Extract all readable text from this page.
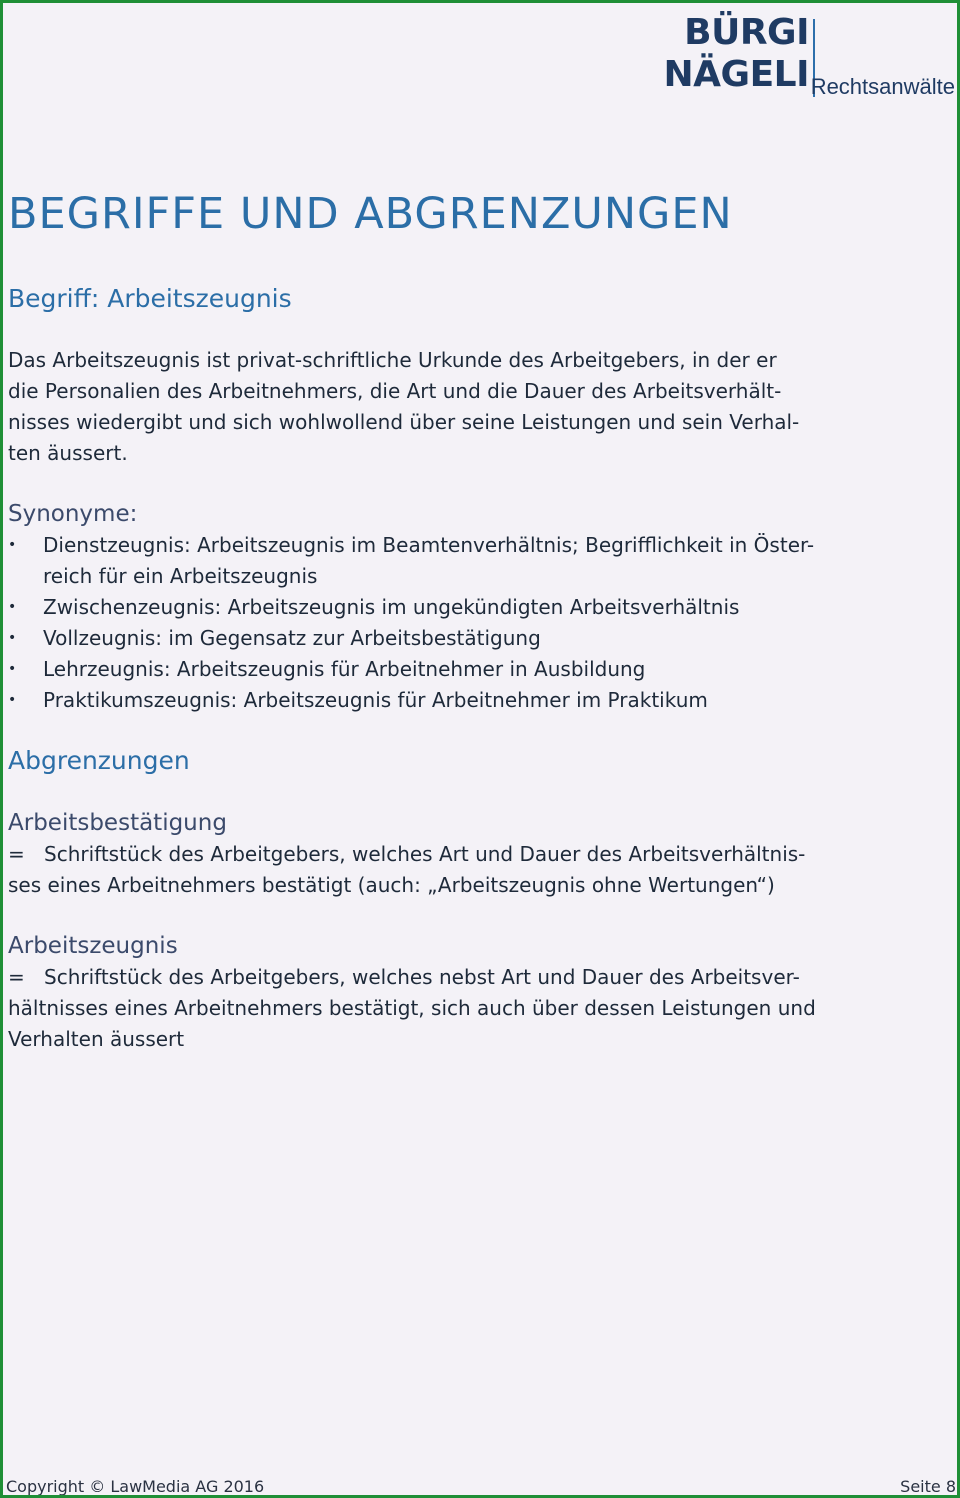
BÜRGI
NÄGELI Rechtsanwälte
BEGRIFFE UND ABGRENZUNGEN
Begriff: Arbeitszeugnis
Das Arbeitszeugnis ist privat-schriftliche Urkunde des Arbeitgebers, in der er
die Personalien des Arbeitnehmers, die Art und die Dauer des Arbeitsverhält-
nisses wiedergibt und sich wohlwollend über seine Leistungen und sein Verhal-
ten äussert.
Synonyme:
• Dienstzeugnis: Arbeitszeugnis im Beamtenverhältnis; Begrifflichkeit in Öster-
reich für ein Arbeitszeugnis
• Zwischenzeugnis: Arbeitszeugnis im ungekündigten Arbeitsverhältnis
• Vollzeugnis: im Gegensatz zur Arbeitsbestätigung
• Lehrzeugnis: Arbeitszeugnis für Arbeitnehmer in Ausbildung
• Praktikumszeugnis: Arbeitszeugnis für Arbeitnehmer im Praktikum
Abgrenzungen
Arbeitsbestätigung
= Schriftstück des Arbeitgebers, welches Art und Dauer des Arbeitsverhältnis-
ses eines Arbeitnehmers bestätigt (auch: „Arbeitszeugnis ohne Wertungen“)
Arbeitszeugnis
= Schriftstück des Arbeitgebers, welches nebst Art und Dauer des Arbeitsver-
hältnisses eines Arbeitnehmers bestätigt, sich auch über dessen Leistungen und
Verhalten äussert
Copyright © LawMedia AG 2016	Seite 8
